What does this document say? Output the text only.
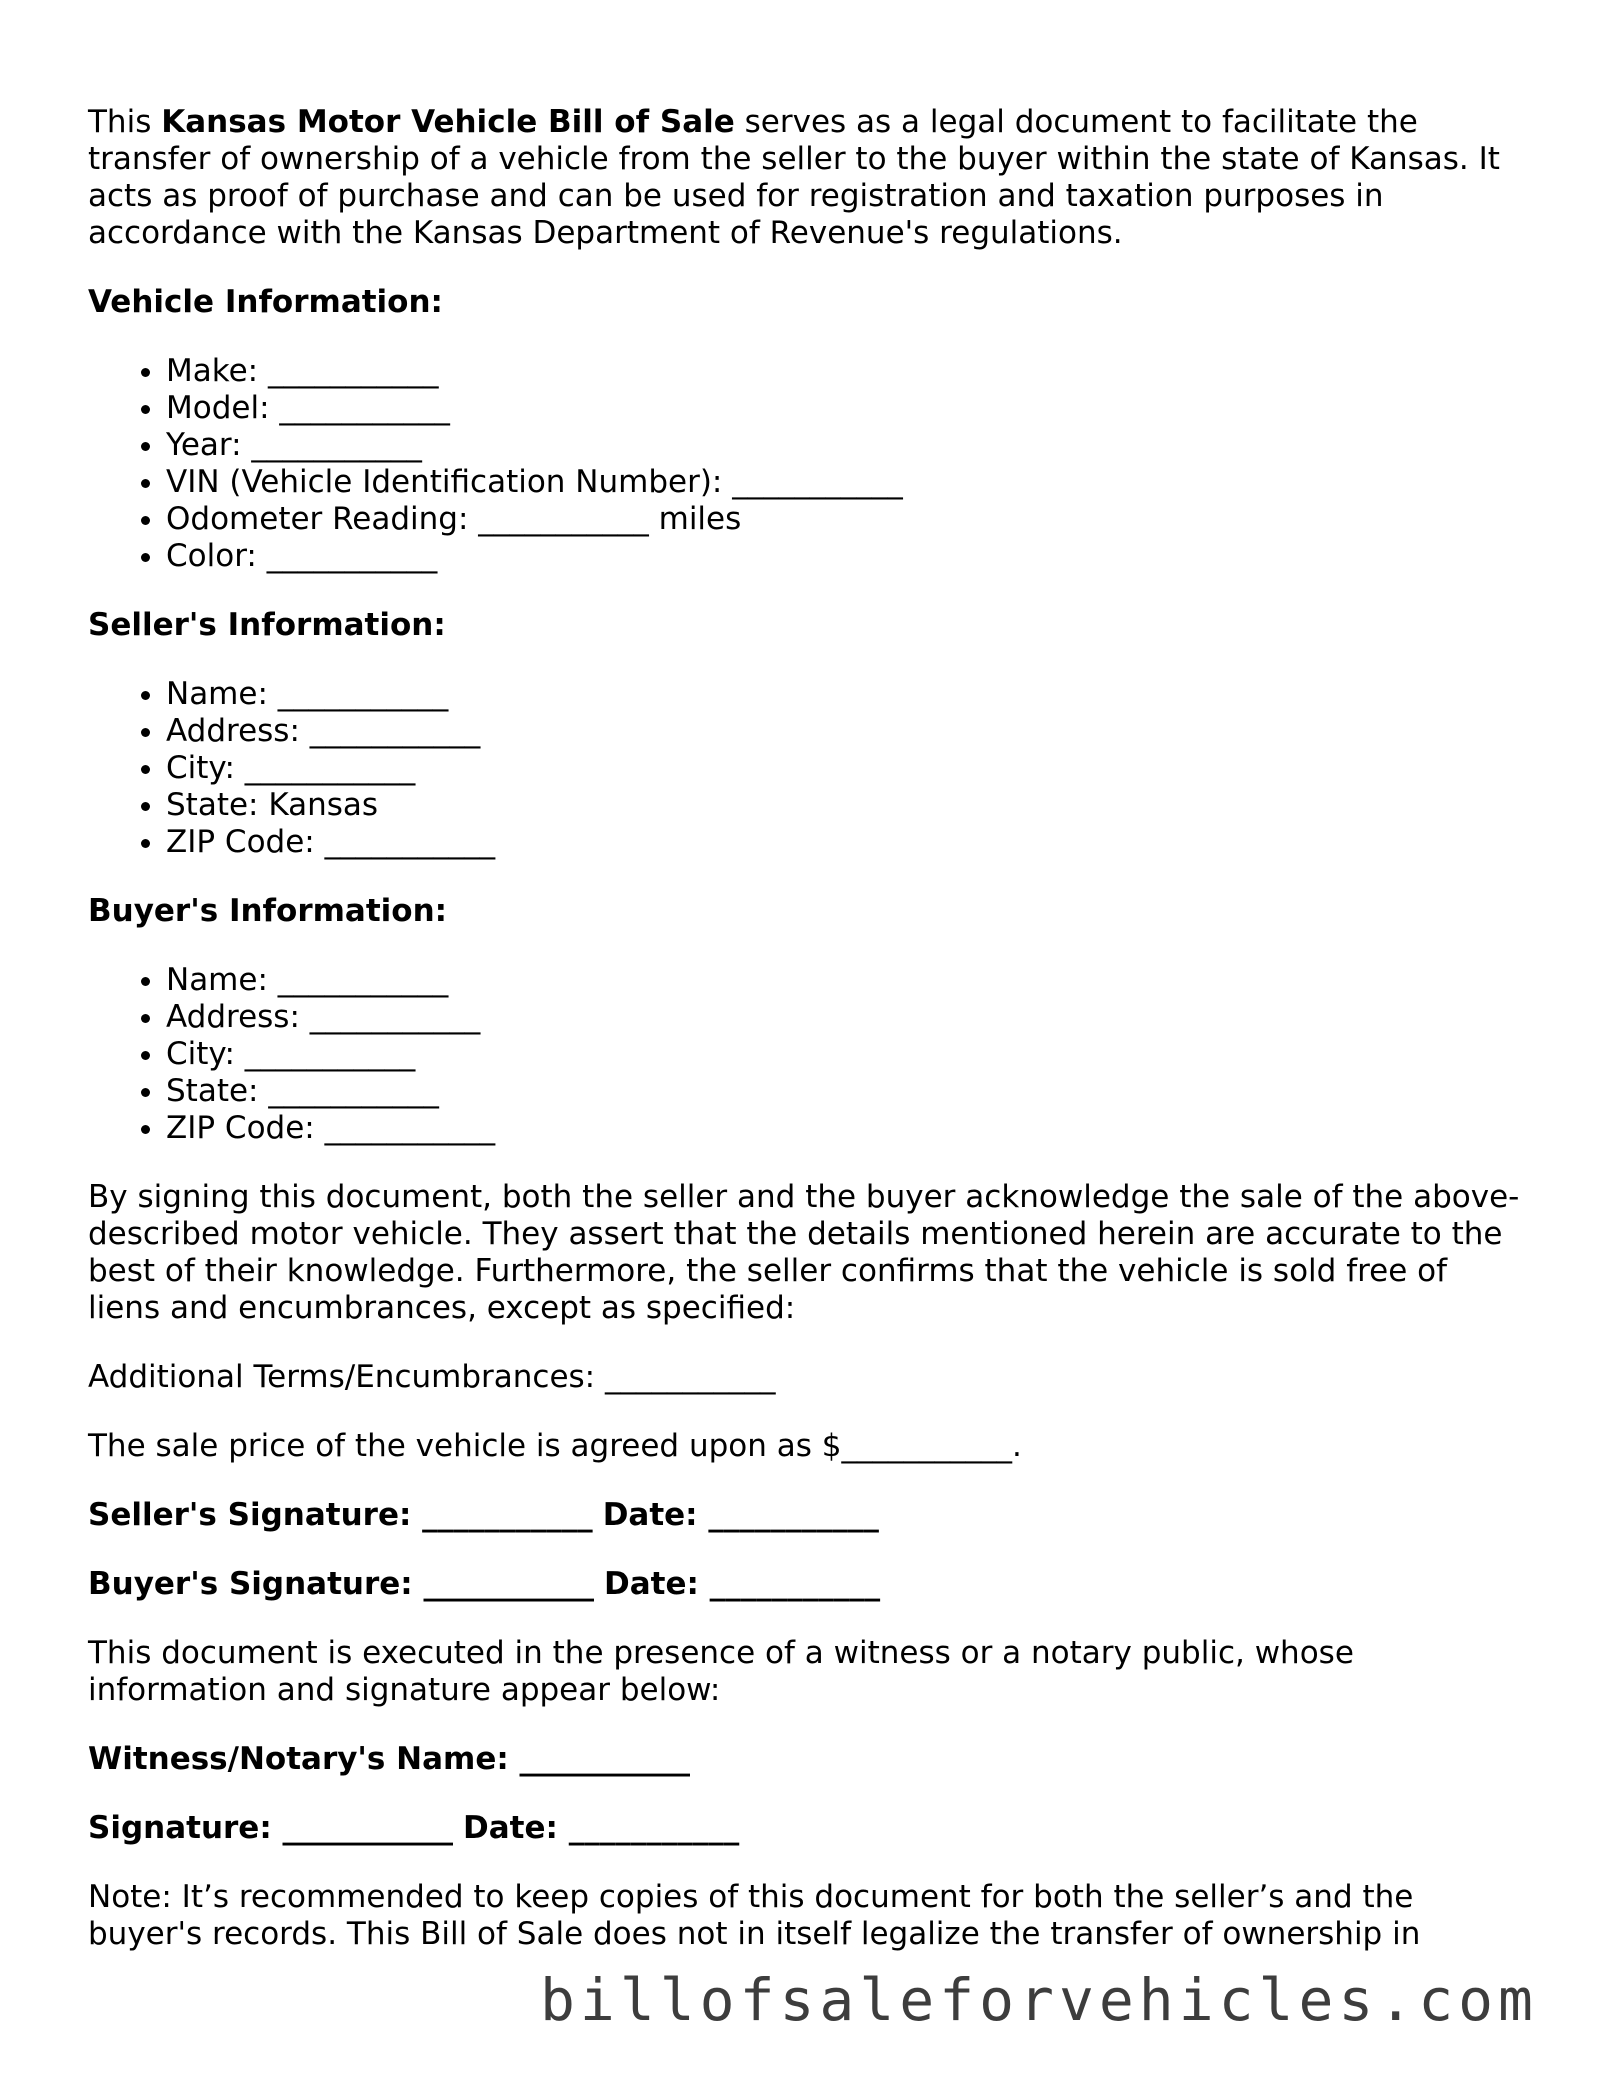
This Kansas Motor Vehicle Bill of Sale serves as a legal document to facilitate the transfer of ownership of a vehicle from the seller to the buyer within the state of Kansas. It acts as proof of purchase and can be used for registration and taxation purposes in accordance with the Kansas Department of Revenue's regulations.

Vehicle Information:
• Make: ___________
• Model: ___________
• Year: ___________
• VIN (Vehicle Identification Number): ___________
• Odometer Reading: ___________ miles
• Color: ___________
Seller's Information:
• Name: ___________
• Address: ___________
• City: ___________
• State: Kansas
• ZIP Code: ___________
Buyer's Information:
• Name: ___________
• Address: ___________
• City: ___________
• State: ___________
• ZIP Code: ___________

By signing this document, both the seller and the buyer acknowledge the sale of the above-described motor vehicle. They assert that the details mentioned herein are accurate to the best of their knowledge. Furthermore, the seller confirms that the vehicle is sold free of liens and encumbrances, except as specified:

Additional Terms/Encumbrances: ___________

The sale price of the vehicle is agreed upon as $___________.

Seller's Signature: ___________ Date: ___________
Buyer's Signature: ___________ Date: ___________

This document is executed in the presence of a witness or a notary public, whose information and signature appear below:

Witness/Notary's Name: ___________
Signature: ___________ Date: ___________

Note: It’s recommended to keep copies of this document for both the seller’s and the buyer's records. This Bill of Sale does not in itself legalize the transfer of ownership in

billofsaleforvehicles.com
